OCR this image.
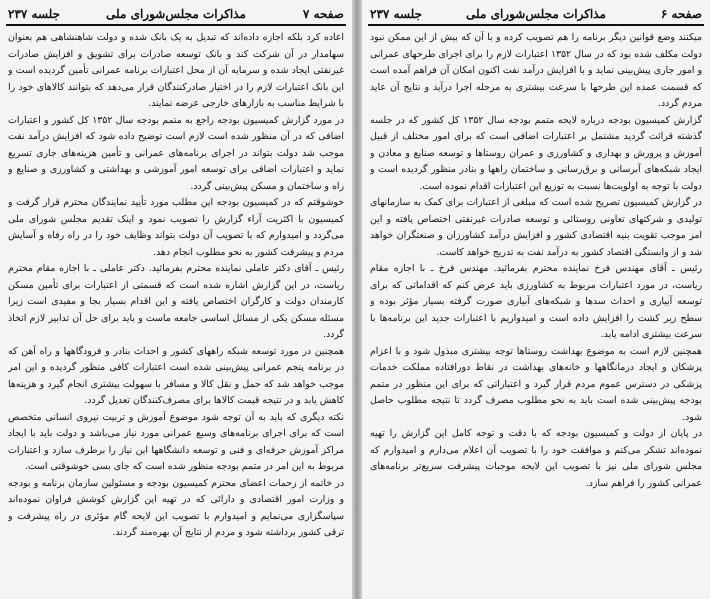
صفحه ۷
مذاکرات مجلس‌شورای ملی
جلسه ۲۳۷

اعاده کرد بلکه اجازه داده‌اند که تبدیل به یک بانک شده و دولت شاهنشاهی هم بعنوان سهامدار در آن شرکت کند و بانک توسعه صادرات برای تشویق و افزایش صادرات غیرنفتی ایجاد شده و سرمایه آن از محل اعتبارات برنامه عمرانی تأمین گردیده است و این بانک اعتبارات لازم را در اختیار صادرکنندگان قرار می‌دهد که بتوانند کالاهای خود را با شرایط مناسب به بازارهای خارجی عرضه نمایند.

در مورد گزارش کمیسیون بودجه راجع به متمم بودجه سال ۱۳۵۲ کل کشور و اعتبارات اضافی که در آن منظور شده است لازم است توضیح داده شود که افزایش درآمد نفت موجب شد دولت بتواند در اجرای برنامه‌های عمرانی و تأمین هزینه‌های جاری تسریع نماید و اعتبارات اضافی برای توسعه امور آموزشی و بهداشتی و کشاورزی و صنایع و راه و ساختمان و مسکن پیش‌بینی گردد.

خوشوقتم که در کمیسیون بودجه این مطلب مورد تأیید نمایندگان محترم قرار گرفت و کمیسیون با اکثریت آراء گزارش را تصویب نمود و اینک تقدیم مجلس شورای ملی می‌گردد و امیدوارم که با تصویب آن دولت بتواند وظایف خود را در راه رفاه و آسایش مردم و پیشرفت کشور به نحو مطلوب انجام دهد.

رئیس ـ آقای دکتر عاملی نماینده محترم بفرمائید. دکتر عاملی ـ با اجازه مقام محترم ریاست، در این گزارش اشاره شده است که قسمتی از اعتبارات برای تأمین مسکن کارمندان دولت و کارگران اختصاص یافته و این اقدام بسیار بجا و مفیدی است زیرا مسئله مسکن یکی از مسائل اساسی جامعه ماست و باید برای حل آن تدابیر لازم اتخاذ گردد.

همچنین در مورد توسعه شبکه راههای کشور و احداث بنادر و فرودگاهها و راه آهن که در برنامه پنجم عمرانی پیش‌بینی شده است اعتبارات کافی منظور گردیده و این امر موجب خواهد شد که حمل و نقل کالا و مسافر با سهولت بیشتری انجام گیرد و هزینه‌ها کاهش یابد و در نتیجه قیمت کالاها برای مصرف‌کنندگان تعدیل گردد.

نکته دیگری که باید به آن توجه شود موضوع آموزش و تربیت نیروی انسانی متخصص است که برای اجرای برنامه‌های وسیع عمرانی مورد نیاز می‌باشد و دولت باید با ایجاد مراکز آموزش حرفه‌ای و فنی و توسعه دانشگاهها این نیاز را برطرف سازد و اعتبارات مربوط به این امر در متمم بودجه منظور شده است که جای بسی خوشوقتی است.

در خاتمه از زحمات اعضای محترم کمیسیون بودجه و مسئولین سازمان برنامه و بودجه و وزارت امور اقتصادی و دارائی که در تهیه این گزارش کوشش فراوان نموده‌اند سپاسگزاری می‌نمایم و امیدوارم با تصویب این لایحه گام مؤثری در راه پیشرفت و ترقی کشور برداشته شود و مردم از نتایج آن بهره‌مند گردند.

صفحه ۶
مذاکرات مجلس‌شورای ملی
جلسه ۲۳۷

میکنند وضع قوانین دیگر برنامه را هم تصویب کرده و با آن که بیش از این ممکن نبود دولت مکلف شده بود که در سال ۱۳۵۲ اعتبارات لازم را برای اجرای طرحهای عمرانی و امور جاری پیش‌بینی نماید و با افزایش درآمد نفت اکنون امکان آن فراهم آمده است که قسمت عمده این طرحها با سرعت بیشتری به مرحله اجرا درآید و نتایج آن عاید مردم گردد.

گزارش کمیسیون بودجه درباره لایحه متمم بودجه سال ۱۳۵۲ کل کشور که در جلسه گذشته قرائت گردید مشتمل بر اعتبارات اضافی است که برای امور مختلف از قبیل آموزش و پرورش و بهداری و کشاورزی و عمران روستاها و توسعه صنایع و معادن و ایجاد شبکه‌های آبرسانی و برق‌رسانی و ساختمان راهها و بنادر منظور گردیده است و دولت با توجه به اولویت‌ها نسبت به توزیع این اعتبارات اقدام نموده است.

در گزارش کمیسیون تصریح شده است که مبلغی از اعتبارات برای کمک به سازمانهای تولیدی و شرکتهای تعاونی روستائی و توسعه صادرات غیرنفتی اختصاص یافته و این امر موجب تقویت بنیه اقتصادی کشور و افزایش درآمد کشاورزان و صنعتگران خواهد شد و از وابستگی اقتصاد کشور به درآمد نفت به تدریج خواهد کاست.

رئیس ـ آقای مهندس فرخ نماینده محترم بفرمائید. مهندس فرخ ـ با اجازه مقام ریاست، در مورد اعتبارات مربوط به کشاورزی باید عرض کنم که اقداماتی که برای توسعه آبیاری و احداث سدها و شبکه‌های آبیاری صورت گرفته بسیار مؤثر بوده و سطح زیر کشت را افزایش داده است و امیدواریم با اعتبارات جدید این برنامه‌ها با سرعت بیشتری ادامه یابد.

همچنین لازم است به موضوع بهداشت روستاها توجه بیشتری مبذول شود و با اعزام پزشکان و ایجاد درمانگاهها و خانه‌های بهداشت در نقاط دورافتاده مملکت خدمات پزشکی در دسترس عموم مردم قرار گیرد و اعتباراتی که برای این منظور در متمم بودجه پیش‌بینی شده است باید به نحو مطلوب مصرف گردد تا نتیجه مطلوب حاصل شود.

در پایان از دولت و کمیسیون بودجه که با دقت و توجه کامل این گزارش را تهیه نموده‌اند تشکر می‌کنم و موافقت خود را با تصویب آن اعلام می‌دارم و امیدوارم که مجلس شورای ملی نیز با تصویب این لایحه موجبات پیشرفت سریع‌تر برنامه‌های عمرانی کشور را فراهم سازد.
